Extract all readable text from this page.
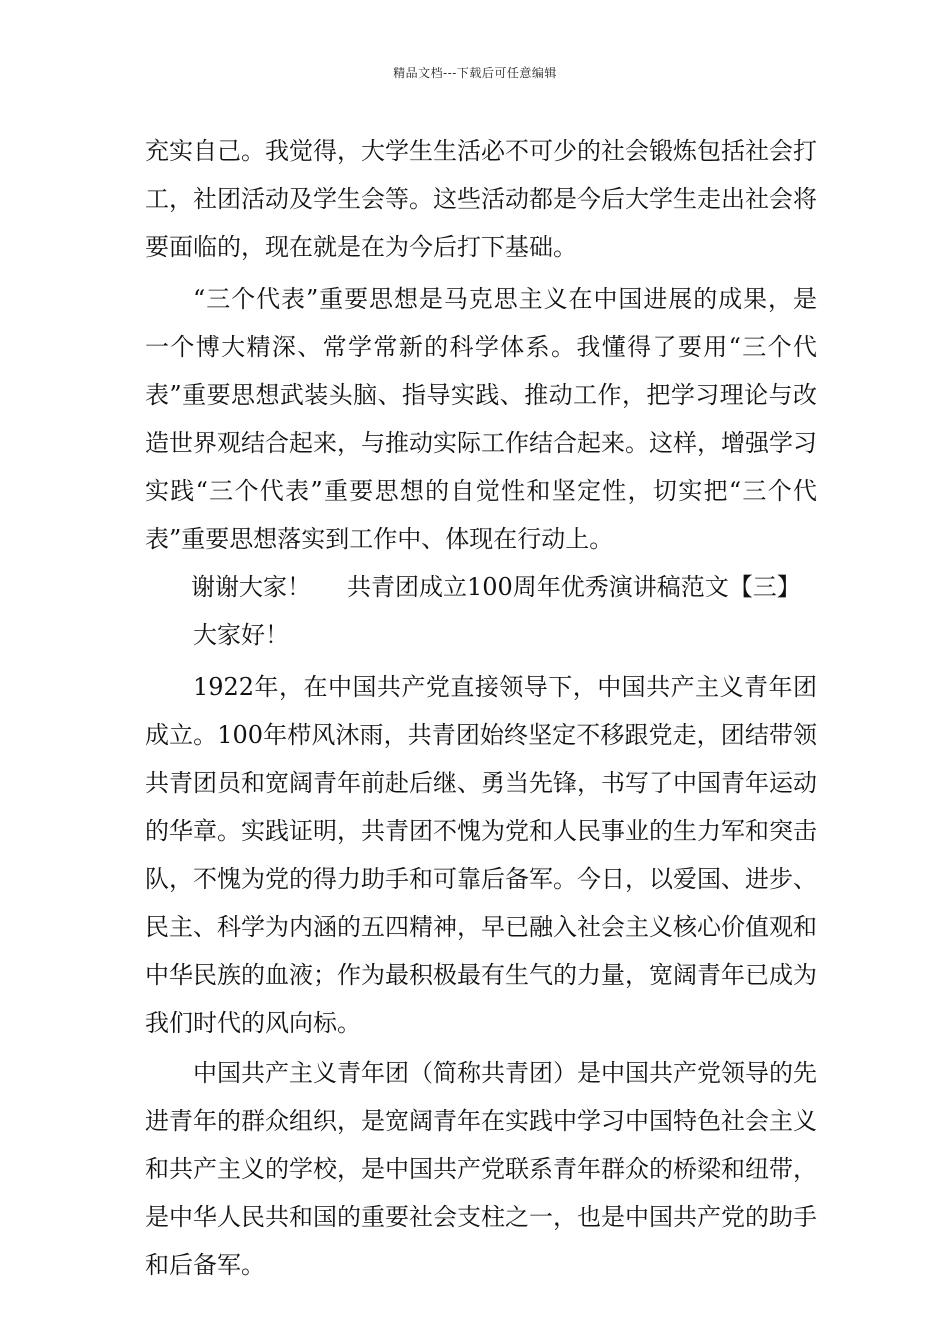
精品文档---下载后可任意编辑

充实自己。我觉得，大学生生活必不可少的社会锻炼包括社会打工，社团活动及学生会等。这些活动都是今后大学生走出社会将要面临的，现在就是在为今后打下基础。

“三个代表”重要思想是马克思主义在中国进展的成果，是一个博大精深、常学常新的科学体系。我懂得了要用“三个代表”重要思想武装头脑、指导实践、推动工作，把学习理论与改造世界观结合起来，与推动实际工作结合起来。这样，增强学习实践“三个代表”重要思想的自觉性和坚定性，切实把“三个代表”重要思想落实到工作中、体现在行动上。

谢谢大家！ 共青团成立100周年优秀演讲稿范文【三】

大家好！

1922年，在中国共产党直接领导下，中国共产主义青年团成立。100年栉风沐雨，共青团始终坚定不移跟党走，团结带领共青团员和宽阔青年前赴后继、勇当先锋，书写了中国青年运动的华章。实践证明，共青团不愧为党和人民事业的生力军和突击队，不愧为党的得力助手和可靠后备军。今日，以爱国、进步、民主、科学为内涵的五四精神，早已融入社会主义核心价值观和中华民族的血液；作为最积极最有生气的力量，宽阔青年已成为我们时代的风向标。

中国共产主义青年团（简称共青团）是中国共产党领导的先进青年的群众组织，是宽阔青年在实践中学习中国特色社会主义和共产主义的学校，是中国共产党联系青年群众的桥梁和纽带，是中华人民共和国的重要社会支柱之一，也是中国共产党的助手和后备军。
